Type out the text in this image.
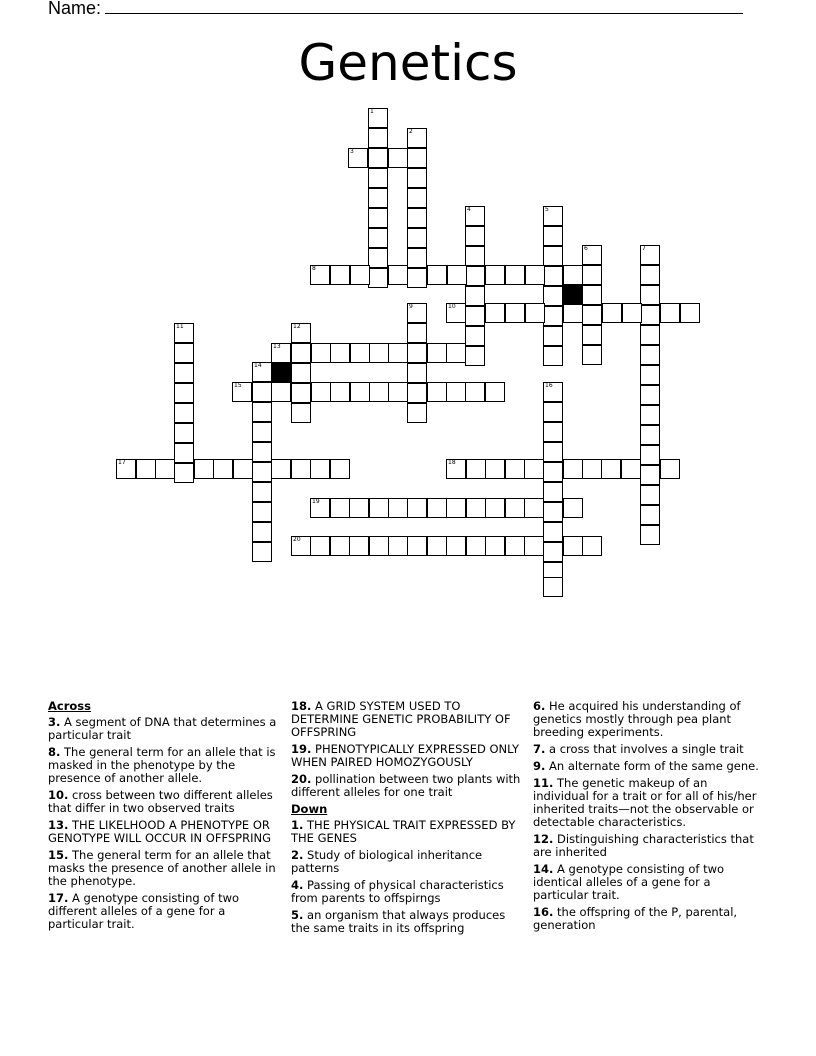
Name:
Genetics
1
2
3
4	5
6	7
8
9	10
11	12
13
14
15	16
17	18
19
20
Across
3. A segment of DNA that determines a particular trait
8. The general term for an allele that is masked in the phenotype by the presence of another allele.
10. cross between two different alleles that differ in two observed traits
13. THE LIKELHOOD A PHENOTYPE OR GENOTYPE WILL OCCUR IN OFFSPRING
15. The general term for an allele that masks the presence of another allele in the phenotype.
17. A genotype consisting of two different alleles of a gene for a particular trait.
18. A GRID SYSTEM USED TO DETERMINE GENETIC PROBABILITY OF OFFSPRING
19. PHENOTYPICALLY EXPRESSED ONLY WHEN PAIRED HOMOZYGOUSLY
20. pollination between two plants with different alleles for one trait
Down
1. THE PHYSICAL TRAIT EXPRESSED BY THE GENES
2. Study of biological inheritance patterns
4. Passing of physical characteristics from parents to offspirngs
5. an organism that always produces the same traits in its offspring
6. He acquired his understanding of genetics mostly through pea plant breeding experiments.
7. a cross that involves a single trait
9. An alternate form of the same gene.
11. The genetic makeup of an individual for a trait or for all of his/her inherited traits—not the observable or detectable characteristics.
12. Distinguishing characteristics that are inherited
14. A genotype consisting of two identical alleles of a gene for a particular trait.
16. the offspring of the P, parental, generation
